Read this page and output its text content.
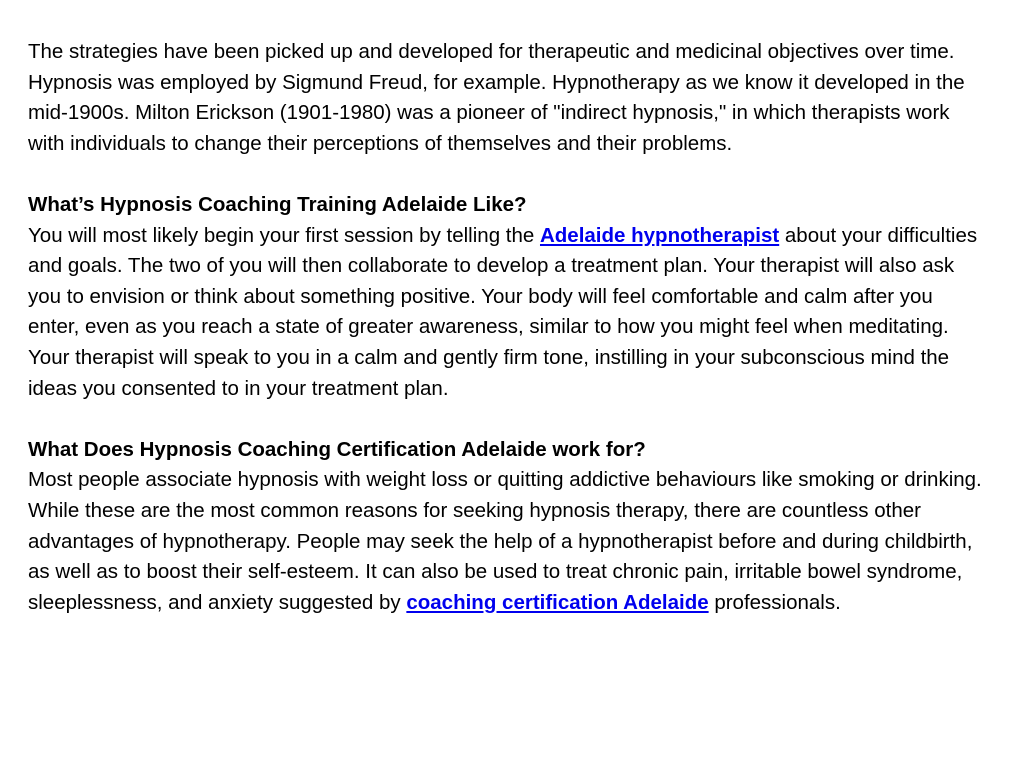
The strategies have been picked up and developed for therapeutic and medicinal objectives over time. Hypnosis was employed by Sigmund Freud, for example. Hypnotherapy as we know it developed in the mid-1900s. Milton Erickson (1901-1980) was a pioneer of "indirect hypnosis," in which therapists work with individuals to change their perceptions of themselves and their problems.

What’s Hypnosis Coaching Training Adelaide Like?

You will most likely begin your first session by telling the Adelaide hypnotherapist about your difficulties and goals. The two of you will then collaborate to develop a treatment plan. Your therapist will also ask you to envision or think about something positive. Your body will feel comfortable and calm after you enter, even as you reach a state of greater awareness, similar to how you might feel when meditating. Your therapist will speak to you in a calm and gently firm tone, instilling in your subconscious mind the ideas you consented to in your treatment plan.

What Does Hypnosis Coaching Certification Adelaide work for?

Most people associate hypnosis with weight loss or quitting addictive behaviours like smoking or drinking. While these are the most common reasons for seeking hypnosis therapy, there are countless other advantages of hypnotherapy. People may seek the help of a hypnotherapist before and during childbirth, as well as to boost their self-esteem. It can also be used to treat chronic pain, irritable bowel syndrome, sleeplessness, and anxiety suggested by coaching certification Adelaide professionals.
